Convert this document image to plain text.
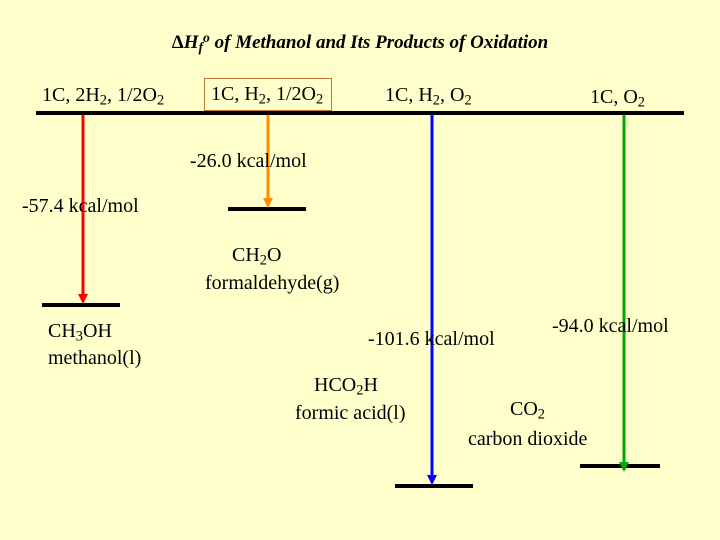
$\Delta H_f^o$ of Methanol and Its Products of Oxidation
1C, $2H_2$, $1/2O_2$	1C, $H_2$, $1/2O_2$	1C, $H_2$, $O_2$	1C, $O_2$
-26.0 kcal/mol
-57.4 kcal/mol
-101.6 kcal/mol
-94.0 kcal/mol
$CH_2O$
formaldehyde(g)
$CH_3OH$
methanol(l)
$HCO_2H$
formic acid(l)	$CO_2$
carbon dioxide
